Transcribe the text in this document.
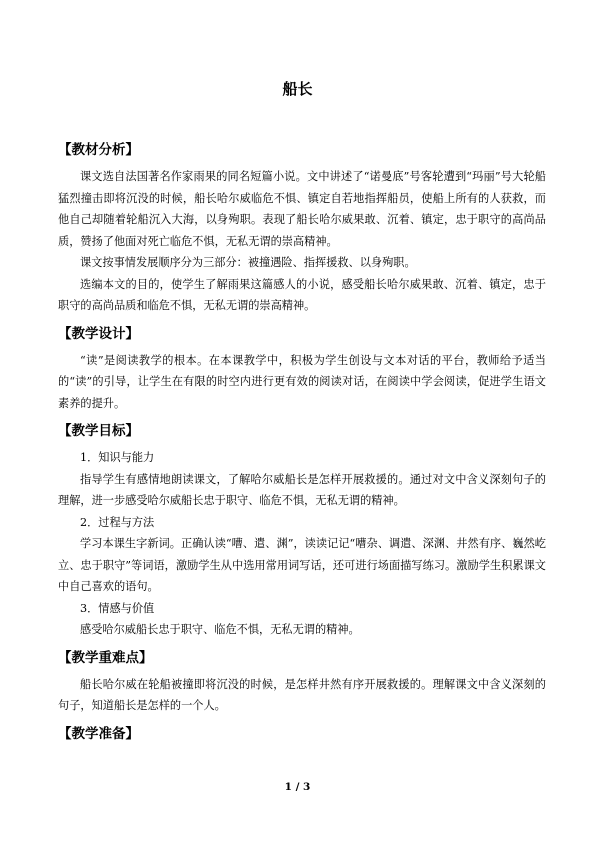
船长
【教材分析】

课文选自法国著名作家雨果的同名短篇小说。文中讲述了“诺曼底”号客轮遭到“玛丽”号大轮船猛烈撞击即将沉没的时候，船长哈尔威临危不惧、镇定自若地指挥船员，使船上所有的人获救，而他自己却随着轮船沉入大海，以身殉职。表现了船长哈尔威果敢、沉着、镇定，忠于职守的高尚品质，赞扬了他面对死亡临危不惧，无私无谓的崇高精神。

课文按事情发展顺序分为三部分：被撞遇险、指挥援救、以身殉职。

选编本文的目的，使学生了解雨果这篇感人的小说，感受船长哈尔威果敢、沉着、镇定，忠于职守的高尚品质和临危不惧，无私无谓的崇高精神。

【教学设计】

“读”是阅读教学的根本。在本课教学中，积极为学生创设与文本对话的平台，教师给予适当的“读”的引导，让学生在有限的时空内进行更有效的阅读对话，在阅读中学会阅读，促进学生语文素养的提升。

【教学目标】

1．知识与能力

指导学生有感情地朗读课文，了解哈尔威船长是怎样开展救援的。通过对文中含义深刻句子的理解，进一步感受哈尔威船长忠于职守、临危不惧，无私无谓的精神。

2．过程与方法

学习本课生字新词。正确认读“嘈、遣、渊”，读读记记“嘈杂、调遣、深渊、井然有序、巍然屹立、忠于职守”等词语，激励学生从中选用常用词写话，还可进行场面描写练习。激励学生积累课文中自己喜欢的语句。

3．情感与价值

感受哈尔威船长忠于职守、临危不惧，无私无谓的精神。

【教学重难点】

船长哈尔威在轮船被撞即将沉没的时候，是怎样井然有序开展救援的。理解课文中含义深刻的句子，知道船长是怎样的一个人。

【教学准备】
1 / 3
